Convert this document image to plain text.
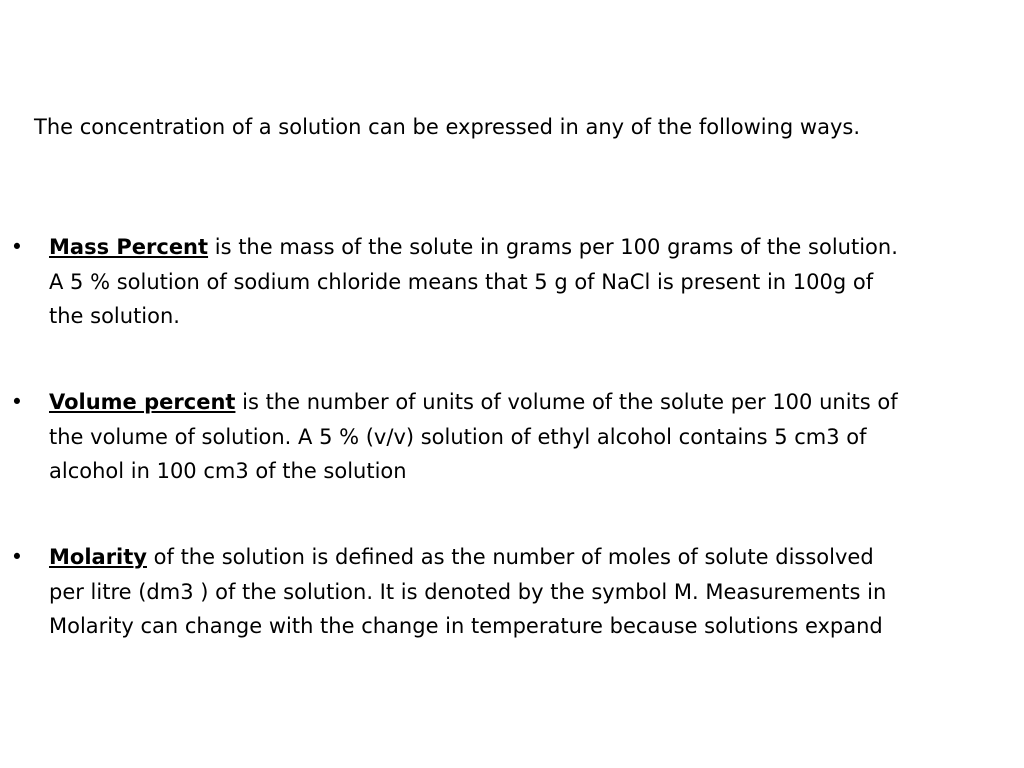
The concentration of a solution can be expressed in any of the following ways.

• Mass Percent is the mass of the solute in grams per 100 grams of the solution. A 5 % solution of sodium chloride means that 5 g of NaCl is present in 100g of the solution.

• Volume percent is the number of units of volume of the solute per 100 units of the volume of solution. A 5 % (v/v) solution of ethyl alcohol contains 5 cm3 of alcohol in 100 cm3 of the solution

• Molarity of the solution is defined as the number of moles of solute dissolved per litre (dm3 ) of the solution. It is denoted by the symbol M. Measurements in Molarity can change with the change in temperature because solutions expand
